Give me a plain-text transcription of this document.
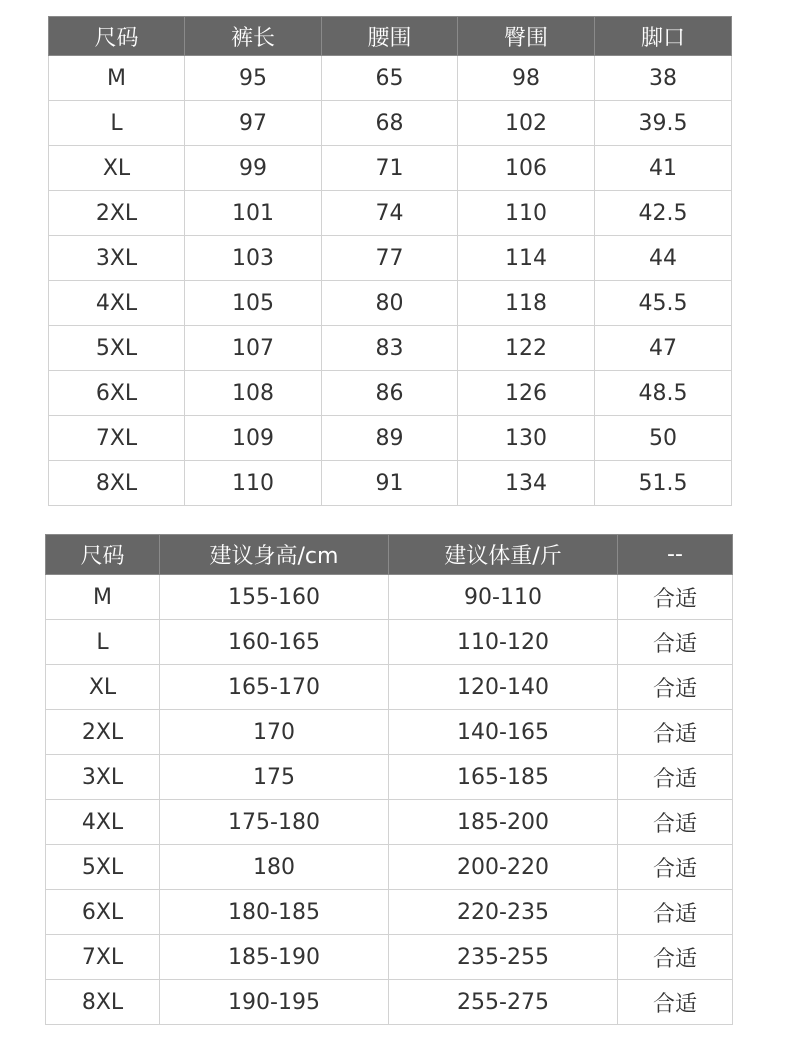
尺码	裤长	腰围	臀围	脚口
M	95	65	98	38
L	97	68	102	39.5
XL	99	71	106	41
2XL	101	74	110	42.5
3XL	103	77	114	44
4XL	105	80	118	45.5
5XL	107	83	122	47
6XL	108	86	126	48.5
7XL	109	89	130	50
8XL	110	91	134	51.5
尺码	建议身高/cm	建议体重/斤	--
M	155-160	90-110	合适
L	160-165	110-120	合适
XL	165-170	120-140	合适
2XL	170	140-165	合适
3XL	175	165-185	合适
4XL	175-180	185-200	合适
5XL	180	200-220	合适
6XL	180-185	220-235	合适
7XL	185-190	235-255	合适
8XL	190-195	255-275	合适
